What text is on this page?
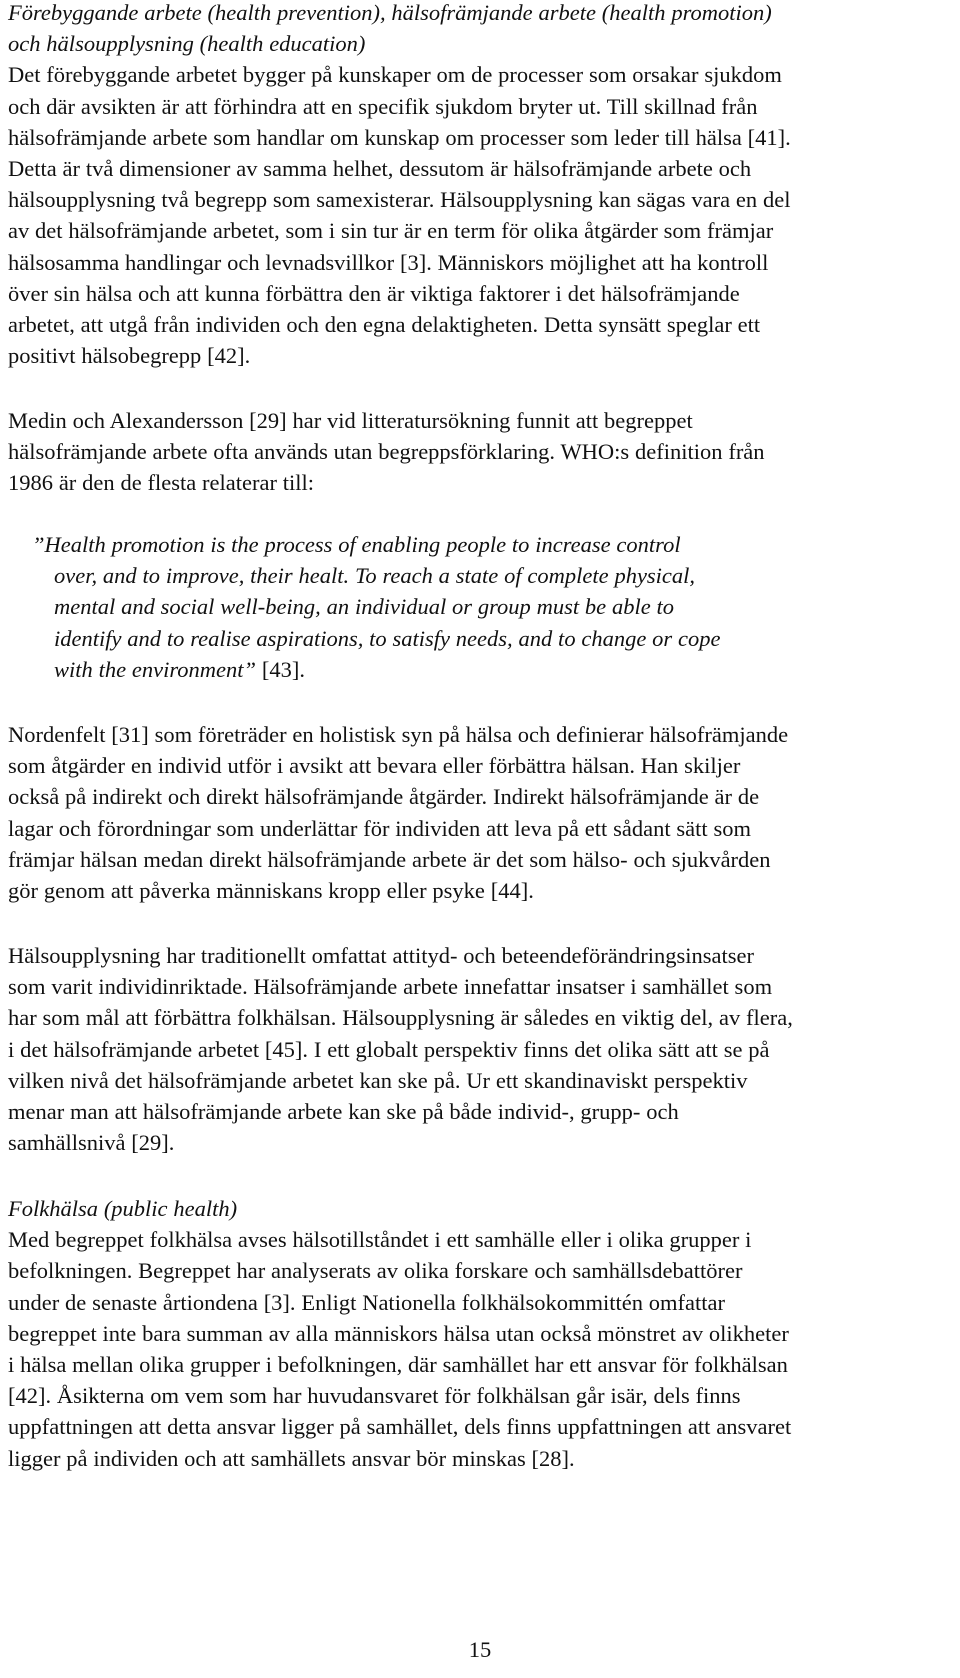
Förebyggande arbete (health prevention), hälsofrämjande arbete (health promotion)
och hälsoupplysning (health education)
Det förebyggande arbetet bygger på kunskaper om de processer som orsakar sjukdom
och där avsikten är att förhindra att en specifik sjukdom bryter ut. Till skillnad från
hälsofrämjande arbete som handlar om kunskap om processer som leder till hälsa [41].
Detta är två dimensioner av samma helhet, dessutom är hälsofrämjande arbete och
hälsoupplysning två begrepp som samexisterar. Hälsoupplysning kan sägas vara en del
av det hälsofrämjande arbetet, som i sin tur är en term för olika åtgärder som främjar
hälsosamma handlingar och levnadsvillkor [3]. Människors möjlighet att ha kontroll
över sin hälsa och att kunna förbättra den är viktiga faktorer i det hälsofrämjande
arbetet, att utgå från individen och den egna delaktigheten. Detta synsätt speglar ett
positivt hälsobegrepp [42].
Medin och Alexandersson [29] har vid litteratursökning funnit att begreppet
hälsofrämjande arbete ofta används utan begreppsförklaring. WHO:s definition från
1986 är den de flesta relaterar till:
”Health promotion is the process of enabling people to increase control
over, and to improve, their healt. To reach a state of complete physical,
mental and social well-being, an individual or group must be able to
identify and to realise aspirations, to satisfy needs, and to change or cope
with the environment” [43].
Nordenfelt [31] som företräder en holistisk syn på hälsa och definierar hälsofrämjande
som åtgärder en individ utför i avsikt att bevara eller förbättra hälsan. Han skiljer
också på indirekt och direkt hälsofrämjande åtgärder. Indirekt hälsofrämjande är de
lagar och förordningar som underlättar för individen att leva på ett sådant sätt som
främjar hälsan medan direkt hälsofrämjande arbete är det som hälso- och sjukvården
gör genom att påverka människans kropp eller psyke [44].
Hälsoupplysning har traditionellt omfattat attityd- och beteendeförändringsinsatser
som varit individinriktade. Hälsofrämjande arbete innefattar insatser i samhället som
har som mål att förbättra folkhälsan. Hälsoupplysning är således en viktig del, av flera,
i det hälsofrämjande arbetet [45]. I ett globalt perspektiv finns det olika sätt att se på
vilken nivå det hälsofrämjande arbetet kan ske på. Ur ett skandinaviskt perspektiv
menar man att hälsofrämjande arbete kan ske på både individ-, grupp- och
samhällsnivå [29].
Folkhälsa (public health)
Med begreppet folkhälsa avses hälsotillståndet i ett samhälle eller i olika grupper i
befolkningen. Begreppet har analyserats av olika forskare och samhällsdebattörer
under de senaste årtiondena [3]. Enligt Nationella folkhälsokommittén omfattar
begreppet inte bara summan av alla människors hälsa utan också mönstret av olikheter
i hälsa mellan olika grupper i befolkningen, där samhället har ett ansvar för folkhälsan
[42]. Åsikterna om vem som har huvudansvaret för folkhälsan går isär, dels finns
uppfattningen att detta ansvar ligger på samhället, dels finns uppfattningen att ansvaret
ligger på individen och att samhällets ansvar bör minskas [28].
15
